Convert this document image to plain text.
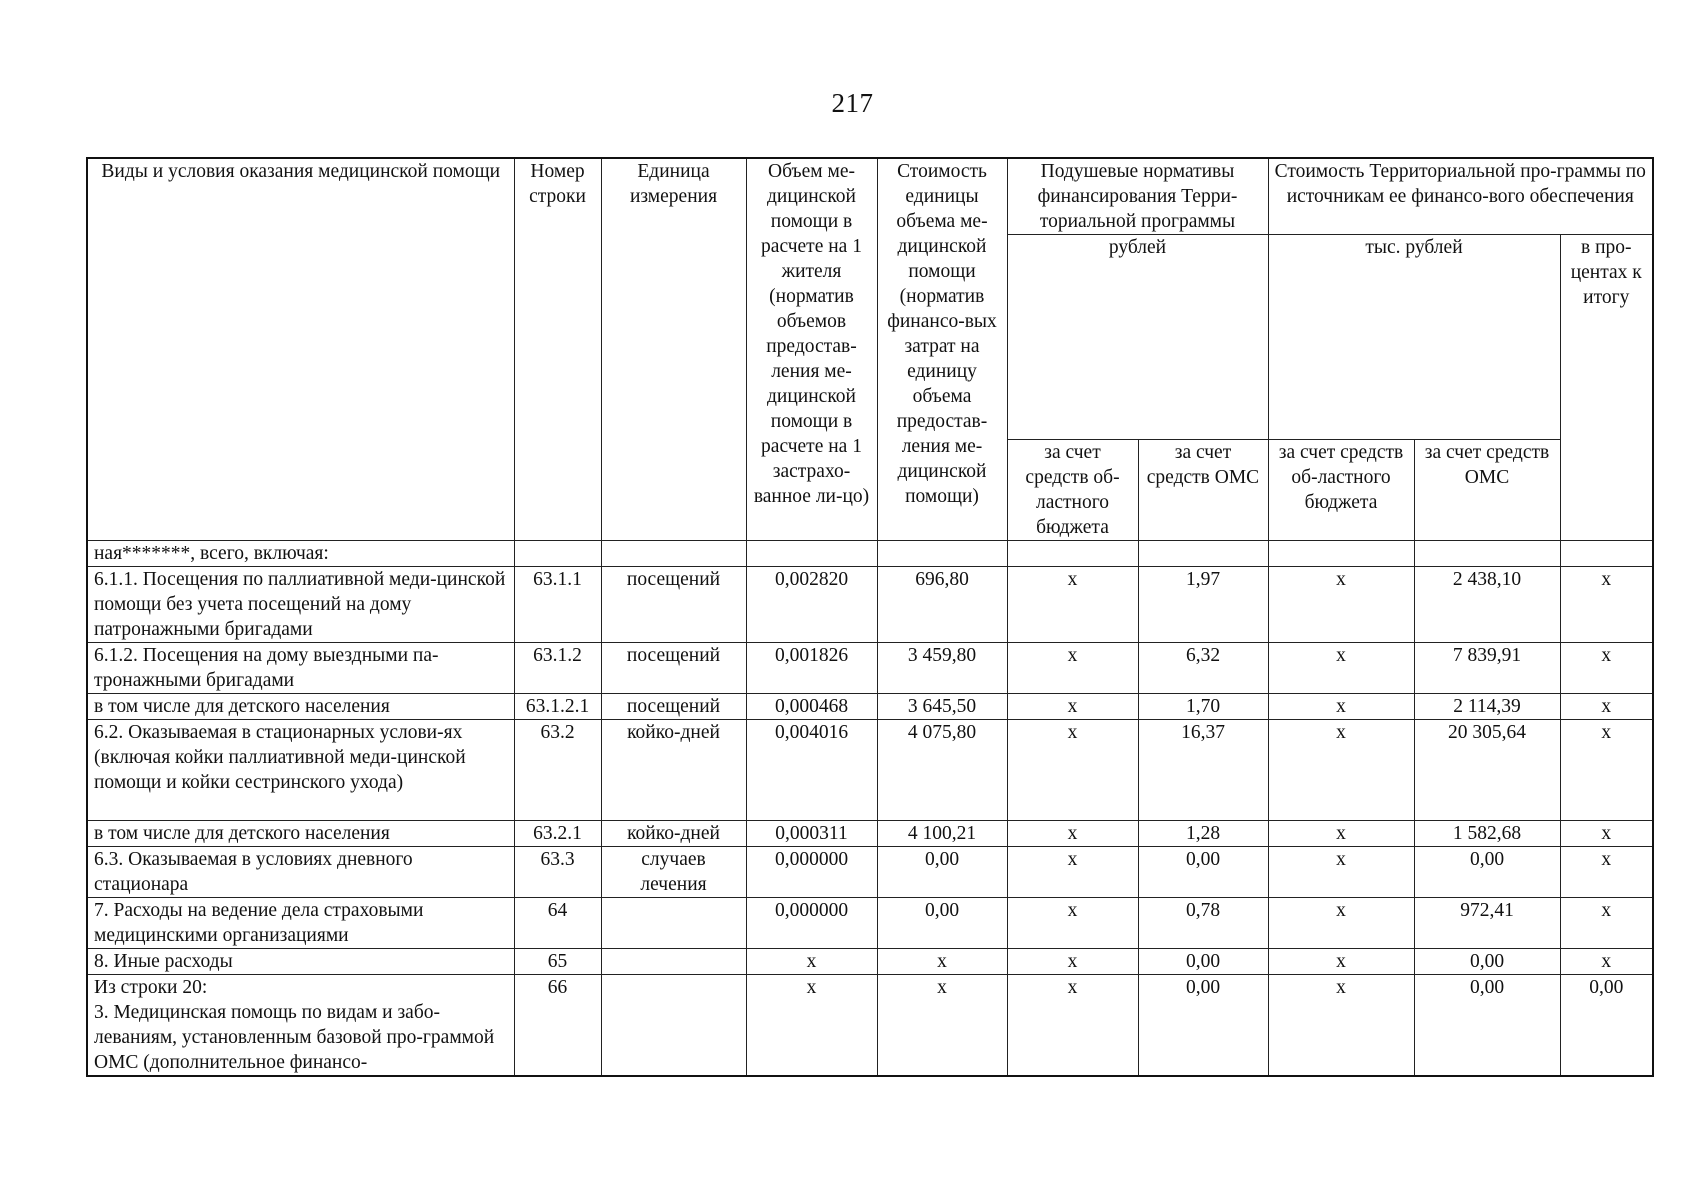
217
Виды и условия оказания медицинской помощи	Номер строки	Единица измерения	Объем ме-дицинской помощи в расчете на 1 жителя (норматив объемов предостав-ления ме-дицинской помощи в расчете на 1 застрахо-ванное ли-цо)	Стоимость единицы объема ме-дицинской помощи (норматив финансо-вых затрат на единицу объема предостав-ления ме-дицинской помощи)	Подушевые нормативы финансирования Терри-ториальной программы		Стоимость Территориальной про-граммы по источникам ее финансо-вого обеспечения		
					рублей		тыс. рублей		в про-центах к итогу
					за счет средств об-ластного бюджета	за счет средств ОМС	за счет средств об-ластного бюджета	за счет средств ОМС	
ная*******, всего, включая:									
6.1.1. Посещения по паллиативной меди-цинской помощи без учета посещений на дому патронажными бригадами	63.1.1	посещений	0,002820	696,80	х	1,97	х	2 438,10	х
6.1.2. Посещения на дому выездными па-тронажными бригадами	63.1.2	посещений	0,001826	3 459,80	х	6,32	х	7 839,91	х
в том числе для детского населения	63.1.2.1	посещений	0,000468	3 645,50	х	1,70	х	2 114,39	х
6.2. Оказываемая в стационарных услови-ях (включая койки паллиативной меди-цинской помощи и койки сестринского ухода)	63.2	койко-дней	0,004016	4 075,80	х	16,37	х	20 305,64	х
в том числе для детского населения	63.2.1	койко-дней	0,000311	4 100,21	х	1,28	х	1 582,68	х
6.3. Оказываемая в условиях дневного стационара	63.3	случаев лечения	0,000000	0,00	х	0,00	х	0,00	х
7. Расходы на ведение дела страховыми медицинскими организациями	64		0,000000	0,00	х	0,78	х	972,41	х
8. Иные расходы	65		х	х	х	0,00	х	0,00	х
Из строки 20:
3. Медицинская помощь по видам и забо-леваниям, установленным базовой про-граммой ОМС (дополнительное финансо-	66		х	х	х	0,00	х	0,00	0,00
